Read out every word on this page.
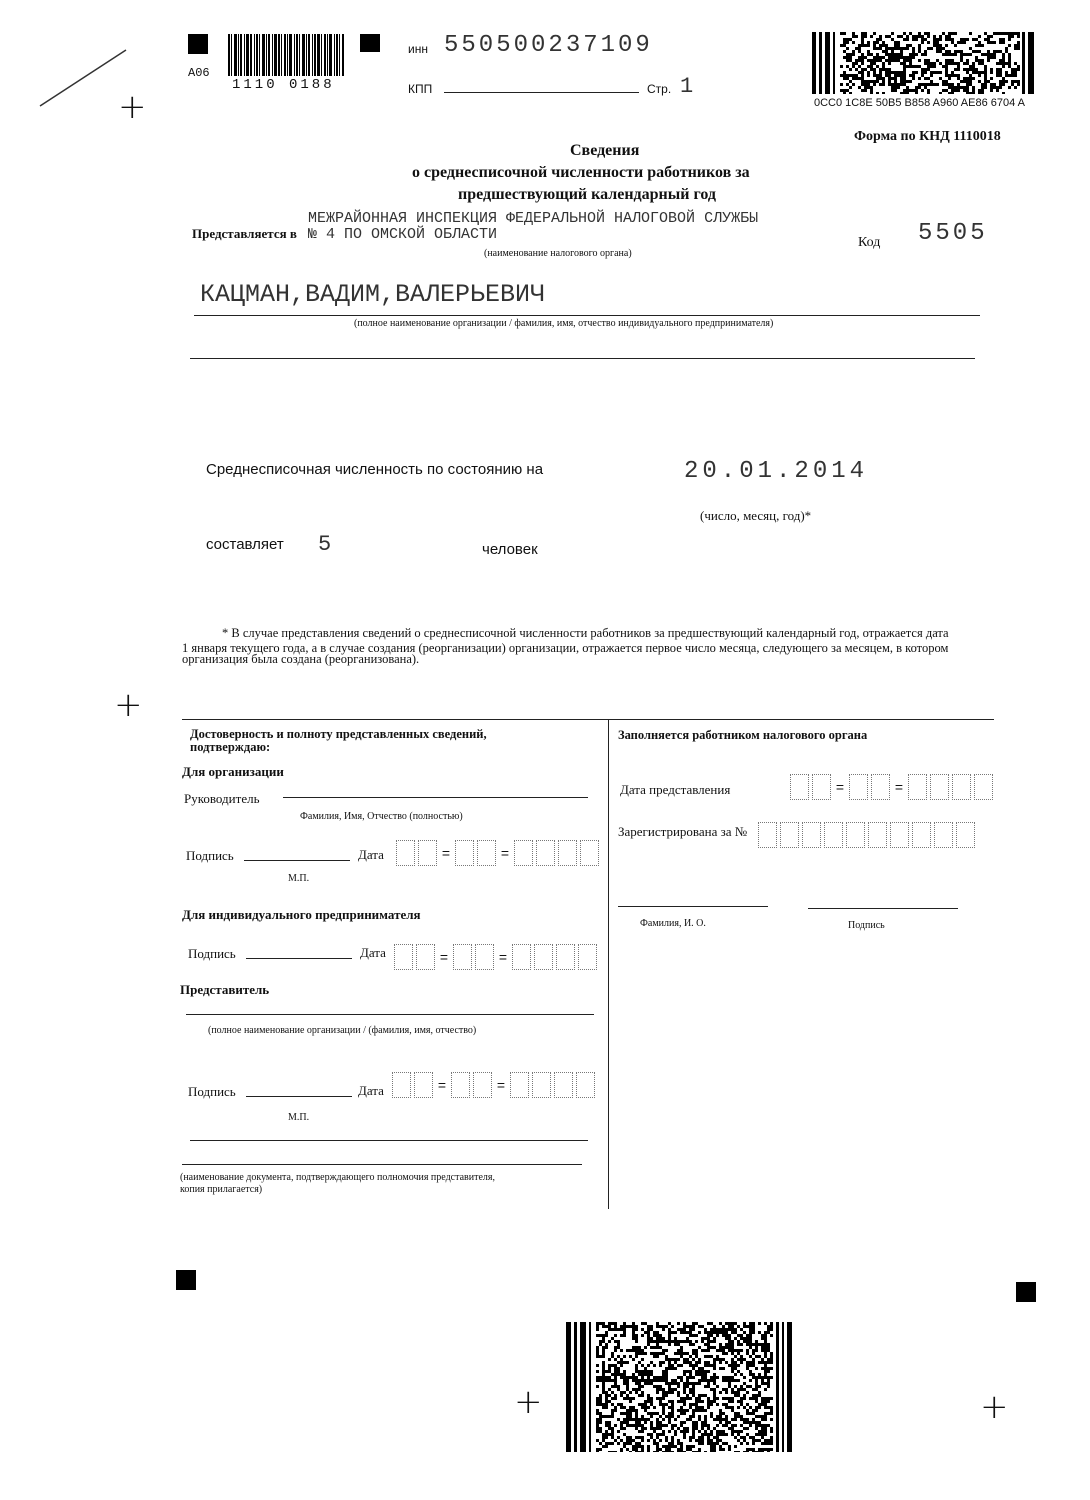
A06
1110 0188
инн 550500237109
КПП	Стр. 1
0CC0 1C8E 50B5 B858 A960 AE86 6704 A
Форма по КНД 1110018
+
+
+	+
Сведения
о среднесписочной численности работников за
предшествующий календарный год
МЕЖРАЙОННАЯ ИНСПЕКЦИЯ ФЕДЕРАЛЬНОЙ НАЛОГОВОЙ СЛУЖБЫ
Представляется в № 4 ПО ОМСКОЙ ОБЛАСТИ
(наименование налогового органа)
Код 5505
КАЦМАН,ВАДИМ,ВАЛЕРЬЕВИЧ
(полное наименование организации / фамилия, имя, отчество индивидуального предпринимателя)
Среднесписочная численность по состоянию на	20.01.2014
(число, месяц, год)*
составляет 5	человек
* В случае представления сведений о среднесписочной численности работников за предшествующий календарный год, отражается дата
1 января текущего года, а в случае создания (реорганизации) организации, отражается первое число месяца, следующего за месяцем, в котором
организация была создана (реорганизована).
Достоверность и полноту представленных сведений,
подтверждаю:
Для организации
Руководитель
Фамилия, Имя, Отчество (полностью)
Подпись	Дата	=	=
М.П.
Для индивидуального предпринимателя
Подпись	Дата	=	=
Представитель
(полное наименование организации / (фамилия, имя, отчество)
Подпись	Дата	=	=
М.П.
(наименование документа, подтверждающего полномочия представителя,
копия прилагается)
Заполняется работником налогового органа
Дата представления	=	=
Зарегистрирована за №
Фамилия, И. О.	Подпись
